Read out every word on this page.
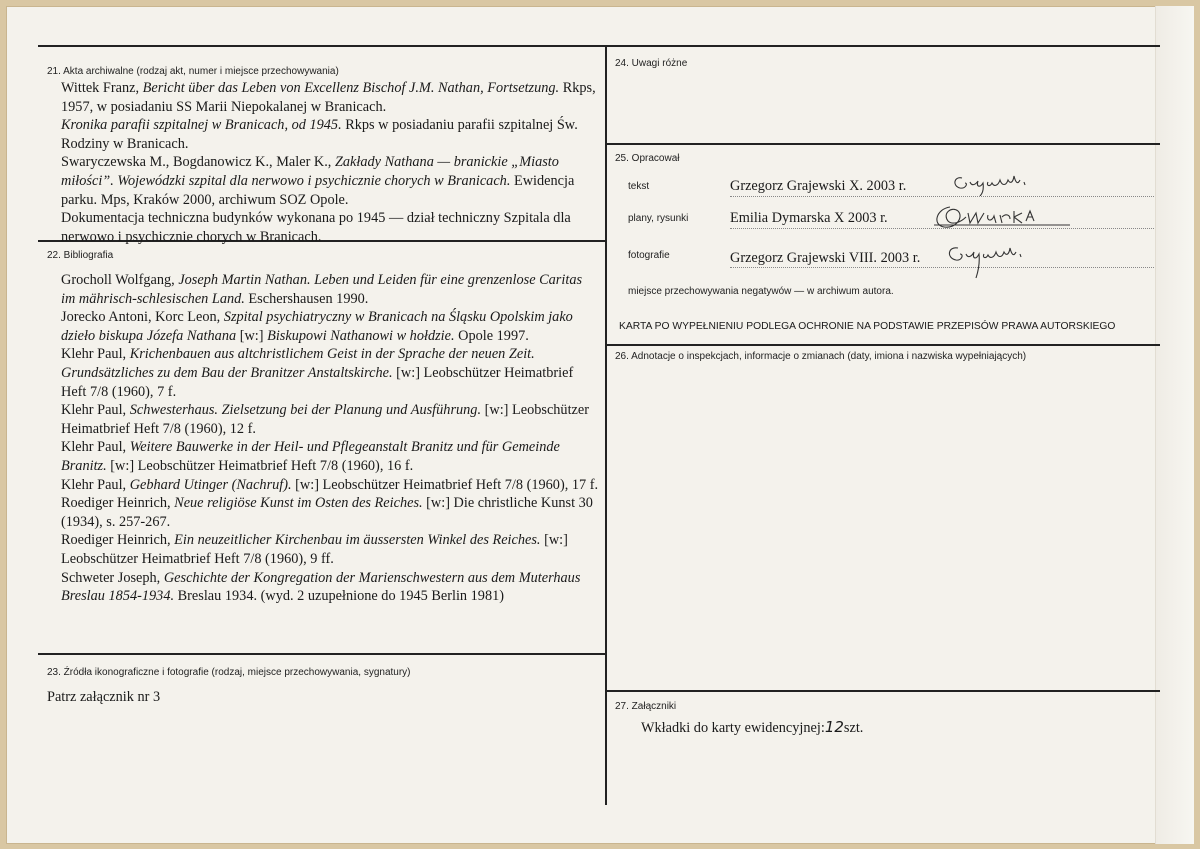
21. Akta archiwalne (rodzaj akt, numer i miejsce przechowywania)

Wittek Franz, Bericht über das Leben von Excellenz Bischof J.M. Nathan, Fortsetzung. Rkps, 1957, w posiadaniu SS Marii Niepokalanej w Branicach.

Kronika parafii szpitalnej w Branicach, od 1945. Rkps w posiadaniu parafii szpitalnej Św. Rodziny w Branicach.

Swaryczewska M., Bogdanowicz K., Maler K., Zakłady Nathana — branickie „Miasto miłości”. Wojewódzki szpital dla nerwowo i psychicznie chorych w Branicach. Ewidencja parku. Mps, Kraków 2000, archiwum SOZ Opole.

Dokumentacja techniczna budynków wykonana po 1945 — dział techniczny Szpitala dla nerwowo i psychicznie chorych w Branicach.

22. Bibliografia

Grocholl Wolfgang, Joseph Martin Nathan. Leben und Leiden für eine grenzenlose Caritas im mährisch-schlesischen Land. Eschershausen 1990.

Jorecko Antoni, Korc Leon, Szpital psychiatryczny w Branicach na Śląsku Opolskim jako dzieło biskupa Józefa Nathana [w:] Biskupowi Nathanowi w hołdzie. Opole 1997.

Klehr Paul, Krichenbauen aus altchristlichem Geist in der Sprache der neuen Zeit. Grundsätzliches zu dem Bau der Branitzer Anstaltskirche. [w:] Leobschützer Heimatbrief Heft 7/8 (1960), 7 f.

Klehr Paul, Schwesterhaus. Zielsetzung bei der Planung und Ausführung. [w:] Leobschützer Heimatbrief Heft 7/8 (1960), 12 f.

Klehr Paul, Weitere Bauwerke in der Heil- und Pflegeanstalt Branitz und für Gemeinde Branitz. [w:] Leobschützer Heimatbrief Heft 7/8 (1960), 16 f.

Klehr Paul, Gebhard Utinger (Nachruf). [w:] Leobschützer Heimatbrief Heft 7/8 (1960), 17 f.

Roediger Heinrich, Neue religiöse Kunst im Osten des Reiches. [w:] Die christliche Kunst 30 (1934), s. 257-267.

Roediger Heinrich, Ein neuzeitlicher Kirchenbau im äussersten Winkel des Reiches. [w:] Leobschützer Heimatbrief Heft 7/8 (1960), 9 ff.

Schweter Joseph, Geschichte der Kongregation der Marienschwestern aus dem Muterhaus Breslau 1854-1934. Breslau 1934. (wyd. 2 uzupełnione do 1945 Berlin 1981)

23. Źródła ikonograficzne i fotografie (rodzaj, miejsce przechowywania, sygnatury)
Patrz załącznik nr 3
24. Uwagi różne
25. Opracował
tekst	Grzegorz Grajewski X. 2003 r.
plany, rysunki	Emilia Dymarska X 2003 r.
fotografie	Grzegorz Grajewski VIII. 2003 r.
miejsce przechowywania negatywów — w archiwum autora.
KARTA PO WYPEŁNIENIU PODLEGA OCHRONIE NA PODSTAWIE PRZEPISÓW PRAWA AUTORSKIEGO
26. Adnotacje o inspekcjach, informacje o zmianach (daty, imiona i nazwiska wypełniających)
27. Załączniki
Wkładki do karty ewidencyjnej:12szt.
